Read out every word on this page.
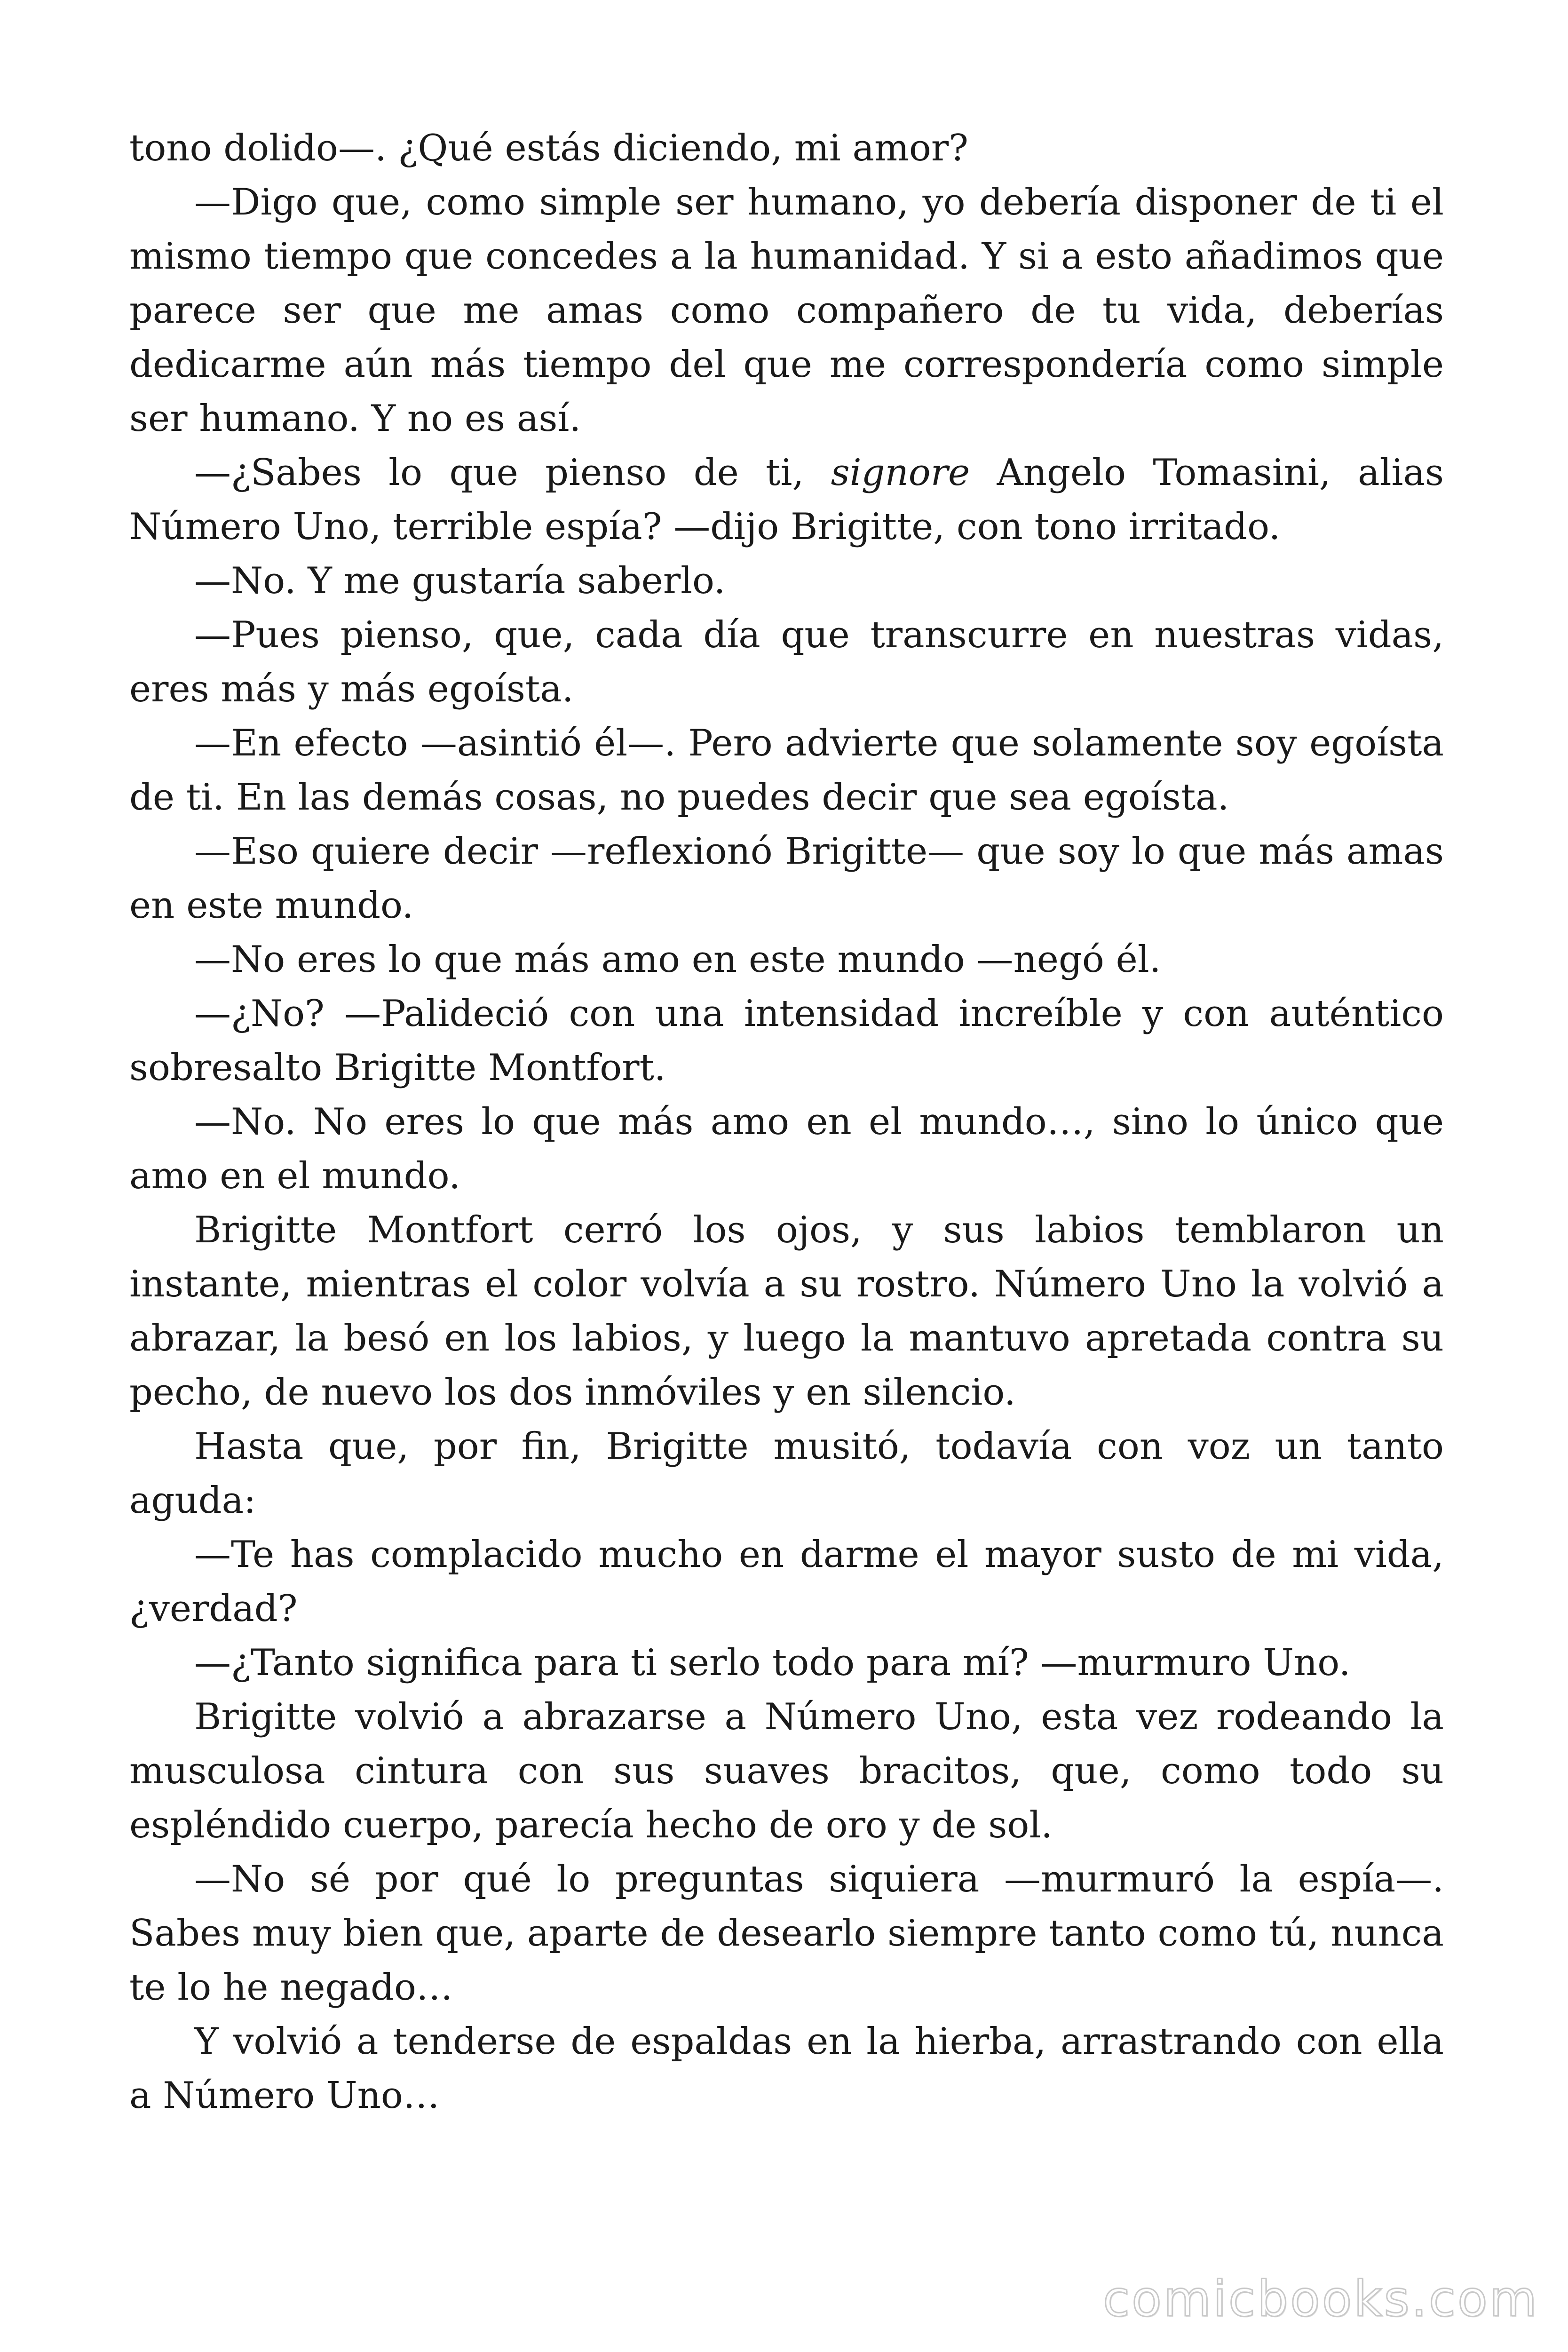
tono dolido—. ¿Qué estás diciendo, mi amor?

—Digo que, como simple ser humano, yo debería disponer de ti el mismo tiempo que concedes a la humanidad. Y si a esto añadimos que parece ser que me amas como compañero de tu vida, deberías dedicarme aún más tiempo del que me correspondería como simple ser humano. Y no es así.

—¿Sabes lo que pienso de ti, signore Angelo Tomasini, alias Número Uno, terrible espía? —dijo Brigitte, con tono irritado.

—No. Y me gustaría saberlo.

—Pues pienso, que, cada día que transcurre en nuestras vidas, eres más y más egoísta.

—En efecto —asintió él—. Pero advierte que solamente soy egoísta de ti. En las demás cosas, no puedes decir que sea egoísta.

—Eso quiere decir —reflexionó Brigitte— que soy lo que más amas en este mundo.

—No eres lo que más amo en este mundo —negó él.

—¿No? —Palideció con una intensidad increíble y con auténtico sobresalto Brigitte Montfort.

—No. No eres lo que más amo en el mundo…, sino lo único que amo en el mundo.

Brigitte Montfort cerró los ojos, y sus labios temblaron un instante, mientras el color volvía a su rostro. Número Uno la volvió a abrazar, la besó en los labios, y luego la mantuvo apretada contra su pecho, de nuevo los dos inmóviles y en silencio.

Hasta que, por fin, Brigitte musitó, todavía con voz un tanto aguda:

—Te has complacido mucho en darme el mayor susto de mi vida, ¿verdad?

—¿Tanto significa para ti serlo todo para mí? —murmuro Uno.

Brigitte volvió a abrazarse a Número Uno, esta vez rodeando la musculosa cintura con sus suaves bracitos, que, como todo su espléndido cuerpo, parecía hecho de oro y de sol.

—No sé por qué lo preguntas siquiera —murmuró la espía—. Sabes muy bien que, aparte de desearlo siempre tanto como tú, nunca te lo he negado…

Y volvió a tenderse de espaldas en la hierba, arrastrando con ella a Número Uno…

comicbooks.com
